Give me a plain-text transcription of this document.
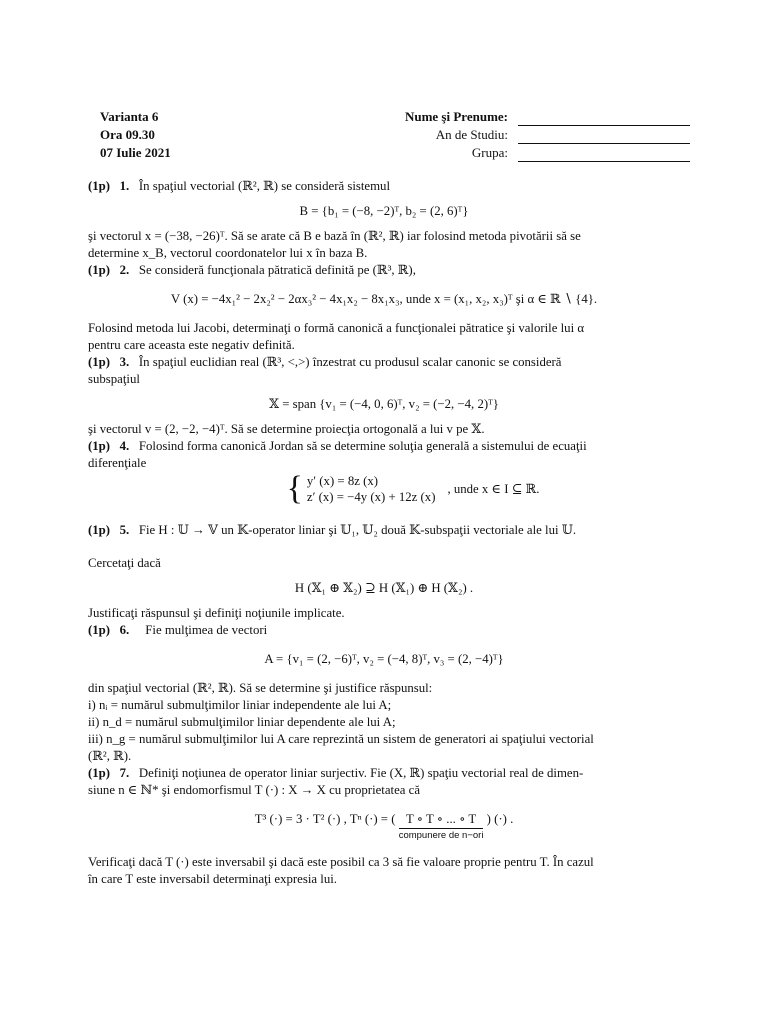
Varianta 6
Ora 09.30
07 Iulie 2021
Nume şi Prenume:
An de Studiu:
Grupa:

(1p) 1. În spaţiul vectorial (ℝ², ℝ) se consideră sistemul

B = {b₁ = (−8, −2)ᵀ, b₂ = (2, 6)ᵀ}

şi vectorul x = (−38, −26)ᵀ. Să se arate că B e bază în (ℝ², ℝ) iar folosind metoda pivotării să se

determine x_B, vectorul coordonatelor lui x în baza B.

(1p) 2. Se consideră funcţionala pătratică definită pe (ℝ³, ℝ),

V (x) = −4x₁² − 2x₂² − 2αx₃² − 4x₁x₂ − 8x₁x₃, unde x = (x₁, x₂, x₃)ᵀ şi α ∈ ℝ ∖ {4}.

Folosind metoda lui Jacobi, determinaţi o formă canonică a funcţionalei pătratice şi valorile lui α

pentru care aceasta este negativ definită.

(1p) 3. În spaţiul euclidian real (ℝ³, <,>) înzestrat cu produsul scalar canonic se consideră

subspaţiul

𝕏 = span {v₁ = (−4, 0, 6)ᵀ, v₂ = (−2, −4, 2)ᵀ}

şi vectorul v = (2, −2, −4)ᵀ. Să se determine proiecţia ortogonală a lui v pe 𝕏.

(1p) 4. Folosind forma canonică Jordan să se determine soluţia generală a sistemului de ecuaţii

diferenţiale

{ y′ (x) = 8z (x)
z′ (x) = −4y (x) + 12z (x)
, unde x ∈ I ⊆ ℝ.

(1p) 5. Fie H : 𝕌 → 𝕍 un 𝕂-operator liniar şi 𝕌₁, 𝕌₂ două 𝕂-subspaţii vectoriale ale lui 𝕌.

Cercetaţi dacă

H (𝕏₁ ⊕ 𝕏₂) ⊇ H (𝕏₁) ⊕ H (𝕏₂) .

Justificaţi răspunsul şi definiţi noţiunile implicate.

(1p) 6. Fie mulţimea de vectori

A = {v₁ = (2, −6)ᵀ, v₂ = (−4, 8)ᵀ, v₃ = (2, −4)ᵀ}

din spaţiul vectorial (ℝ², ℝ). Să se determine şi justifice răspunsul:

i) nᵢ = numărul submulţimilor liniar independente ale lui A;

ii) n_d = numărul submulţimilor liniar dependente ale lui A;

iii) n_g = numărul submulţimilor lui A care reprezintă un sistem de generatori ai spaţiului vectorial

(ℝ², ℝ).

(1p) 7. Definiţi noţiunea de operator liniar surjectiv. Fie (X, ℝ) spaţiu vectorial real de dimen-

siune n ∈ ℕ* şi endomorfismul T (·) : X → X cu proprietatea că

T³ (·) = 3 · T² (·) , Tⁿ (·) = (
T ∘ T ∘ ... ∘ T
compunere de n−ori

) (·) .

Verificaţi dacă T (·) este inversabil şi dacă este posibil ca 3 să fie valoare proprie pentru T. În cazul

în care T este inversabil determinaţi expresia lui.
